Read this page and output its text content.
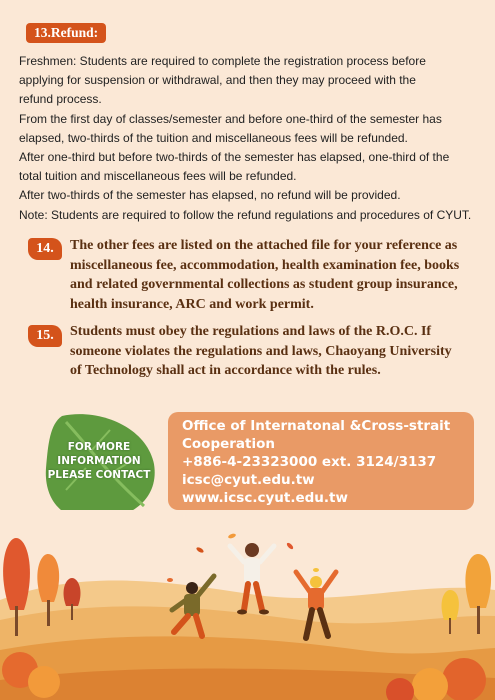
13.Refund:
Freshmen: Students are required to complete the registration process before
applying for suspension or withdrawal, and then they may proceed with the
refund process.
From the first day of classes/semester and before one-third of the semester has
elapsed, two-thirds of the tuition and miscellaneous fees will be refunded.
After one-third but before two-thirds of the semester has elapsed, one-third of the
total tuition and miscellaneous fees will be refunded.
After two-thirds of the semester has elapsed, no refund will be provided.
Note: Students are required to follow the refund regulations and procedures of CYUT.
14.	The other fees are listed on the attached file for your reference as
miscellaneous fee, accommodation, health examination fee, books
and related governmental collections as student group insurance,
health insurance, ARC and work permit.
15.	Students must obey the regulations and laws of the R.O.C. If
someone violates the regulations and laws, Chaoyang University
of Technology shall act in accordance with the rules.
FOR MORE
INFORMATION
PLEASE CONTACT
Office of Internatonal &Cross-strait
Cooperation
+886-4-23323000 ext. 3124/3137
icsc@cyut.edu.tw
www.icsc.cyut.edu.tw
